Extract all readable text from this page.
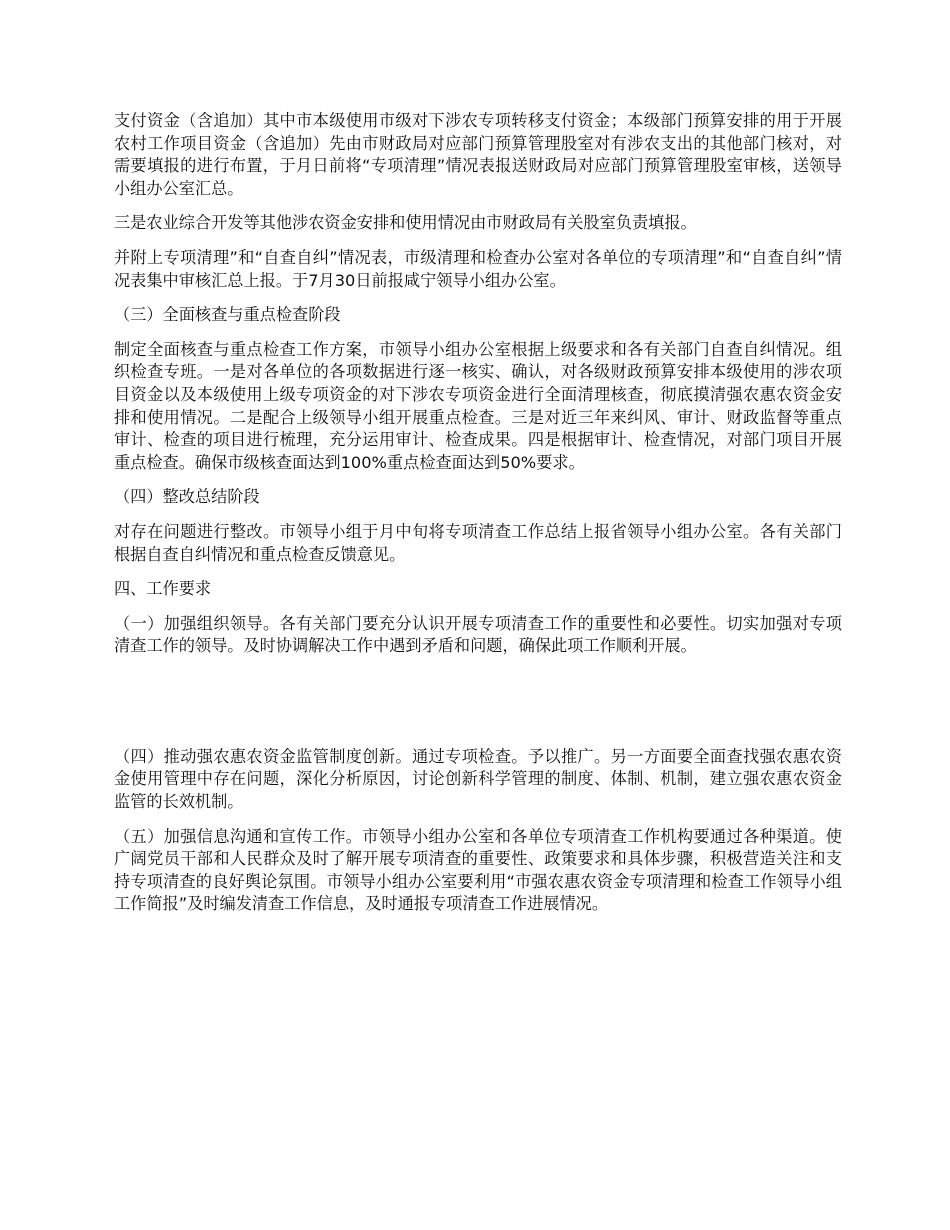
支付资金（含追加）其中市本级使用市级对下涉农专项转移支付资金；本级部门预算安排的用于开展农村工作项目资金（含追加）先由市财政局对应部门预算管理股室对有涉农支出的其他部门核对，对需要填报的进行布置，于月日前将“专项清理”情况表报送财政局对应部门预算管理股室审核，送领导小组办公室汇总。

三是农业综合开发等其他涉农资金安排和使用情况由市财政局有关股室负责填报。

并附上专项清理”和“自查自纠”情况表，市级清理和检查办公室对各单位的专项清理”和“自查自纠”情况表集中审核汇总上报。于7月30日前报咸宁领导小组办公室。

（三）全面核查与重点检查阶段

制定全面核查与重点检查工作方案，市领导小组办公室根据上级要求和各有关部门自查自纠情况。组织检查专班。一是对各单位的各项数据进行逐一核实、确认，对各级财政预算安排本级使用的涉农项目资金以及本级使用上级专项资金的对下涉农专项资金进行全面清理核查，彻底摸清强农惠农资金安排和使用情况。二是配合上级领导小组开展重点检查。三是对近三年来纠风、审计、财政监督等重点审计、检查的项目进行梳理，充分运用审计、检查成果。四是根据审计、检查情况，对部门项目开展重点检查。确保市级核查面达到100%重点检查面达到50%要求。

（四）整改总结阶段

对存在问题进行整改。市领导小组于月中旬将专项清查工作总结上报省领导小组办公室。各有关部门根据自查自纠情况和重点检查反馈意见。

四、工作要求

（一）加强组织领导。各有关部门要充分认识开展专项清查工作的重要性和必要性。切实加强对专项清查工作的领导。及时协调解决工作中遇到矛盾和问题，确保此项工作顺利开展。

（四）推动强农惠农资金监管制度创新。通过专项检查。予以推广。另一方面要全面查找强农惠农资金使用管理中存在问题，深化分析原因，讨论创新科学管理的制度、体制、机制，建立强农惠农资金监管的长效机制。

（五）加强信息沟通和宣传工作。市领导小组办公室和各单位专项清查工作机构要通过各种渠道。使广阔党员干部和人民群众及时了解开展专项清查的重要性、政策要求和具体步骤，积极营造关注和支持专项清查的良好舆论氛围。市领导小组办公室要利用“市强农惠农资金专项清理和检查工作领导小组工作简报”及时编发清查工作信息，及时通报专项清查工作进展情况。
